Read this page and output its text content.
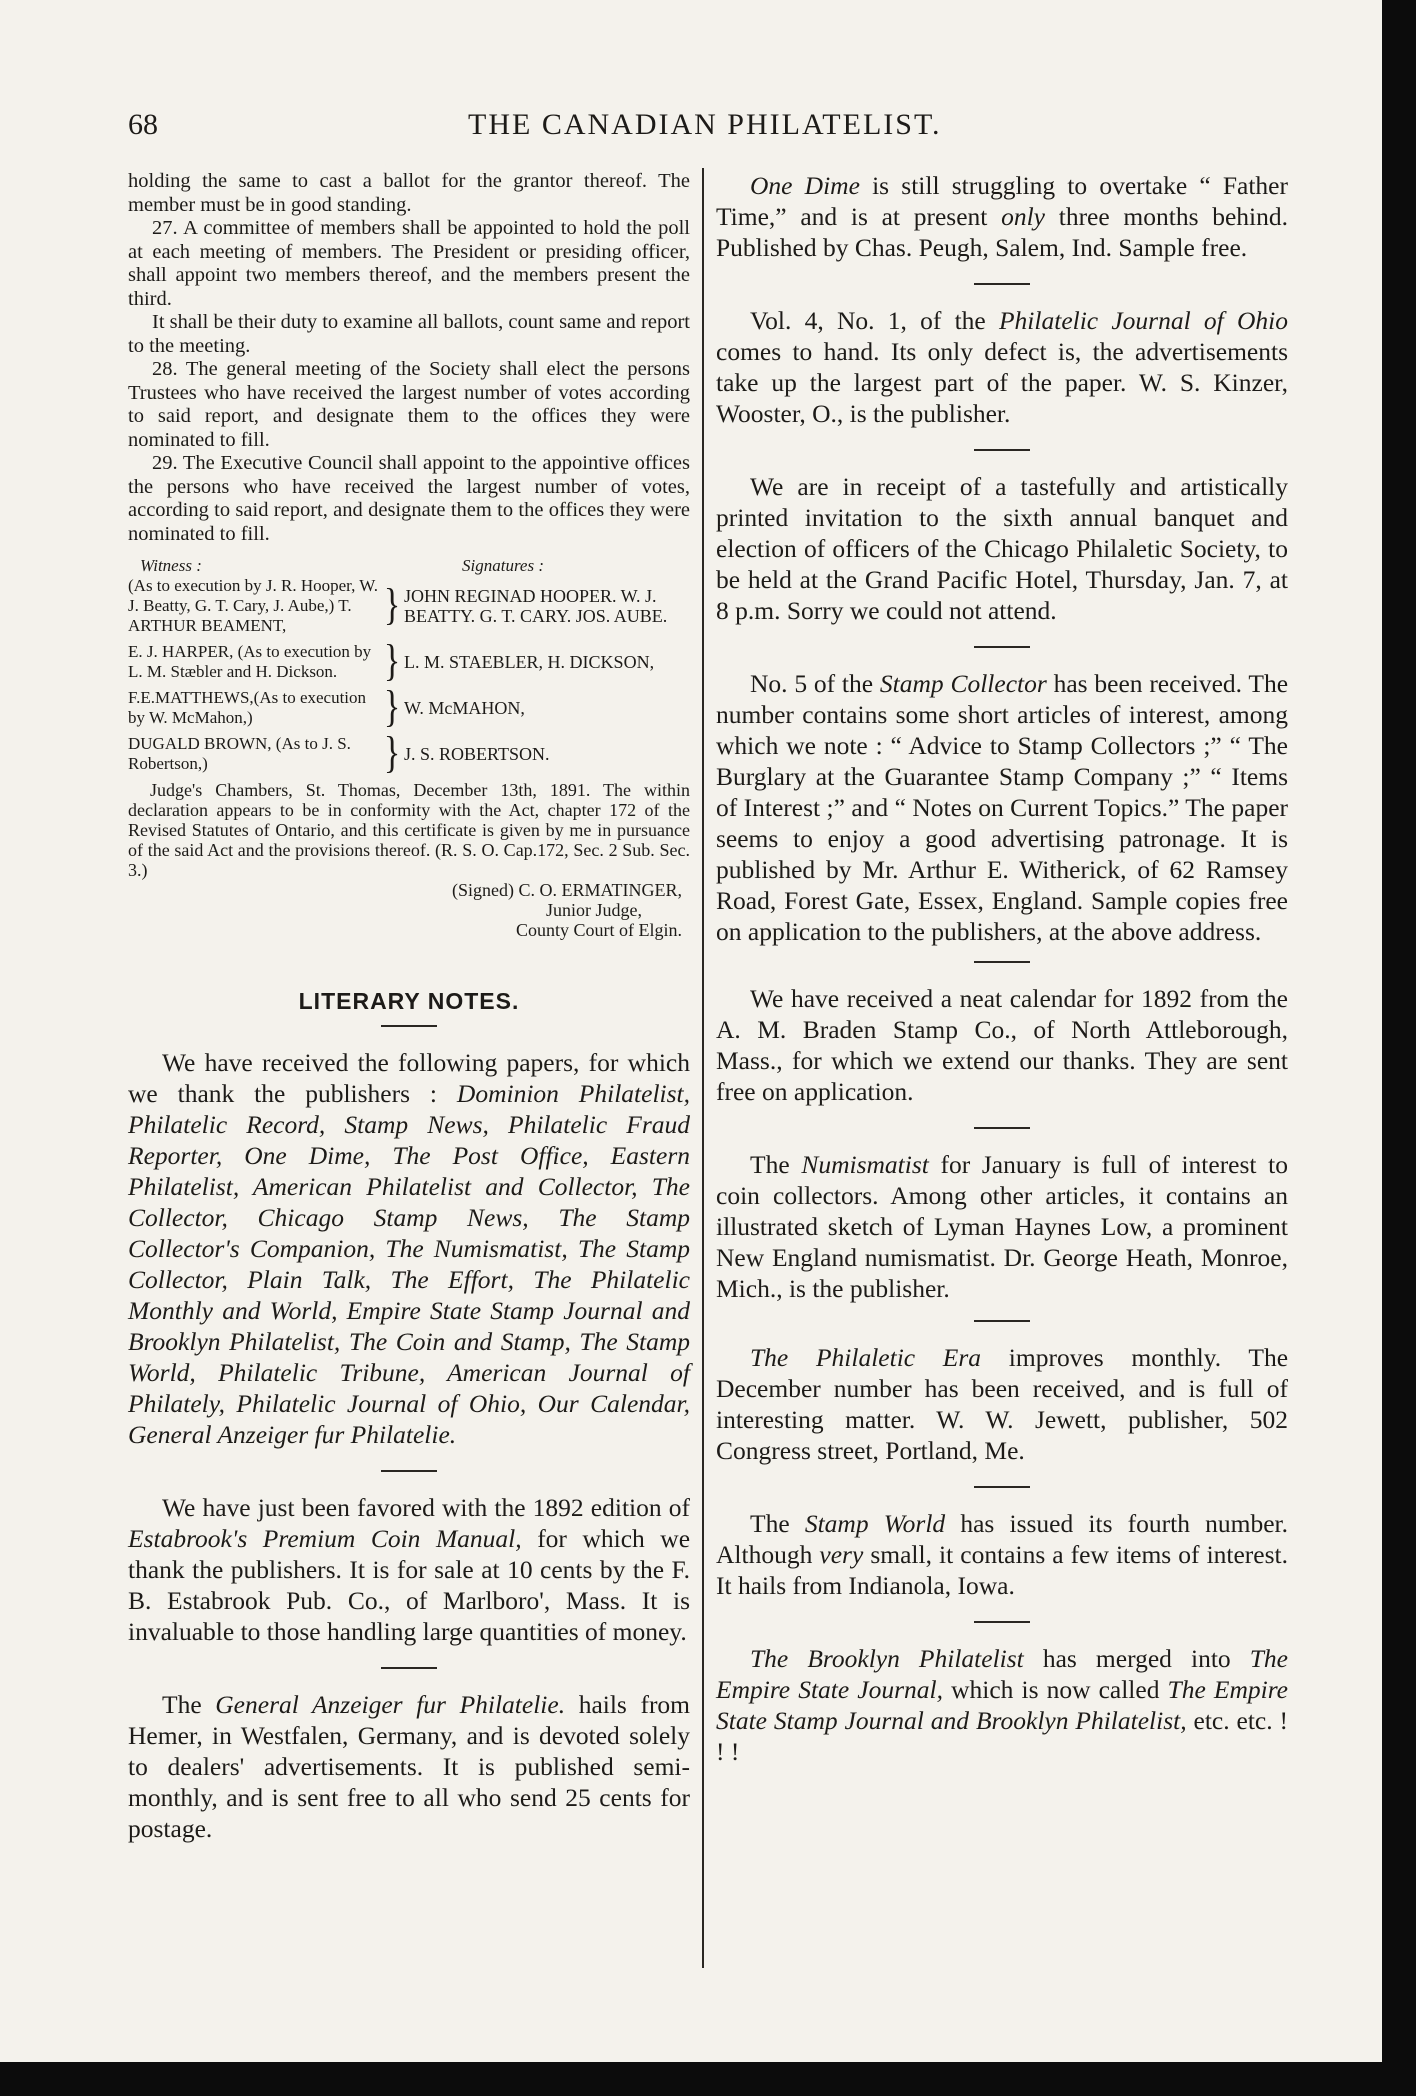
68	THE CANADIAN PHILATELIST.

holding the same to cast a ballot for the grantor thereof. The member must be in good standing.

27. A committee of members shall be appointed to hold the poll at each meeting of members. The President or presiding officer, shall appoint two members thereof, and the members present the third.

It shall be their duty to examine all ballots, count same and report to the meeting.

28. The general meeting of the Society shall elect the persons Trustees who have received the largest number of votes according to said report, and designate them to the offices they were nominated to fill.

29. The Executive Council shall appoint to the appointive offices the persons who have received the largest number of votes, according to said report, and designate them to the offices they were nominated to fill.

Witness :	Signatures :
(As to execution by J. R. Hooper, W. J. Beatty, G. T. Cary, J. Aube,) T. ARTHUR BEAMENT,	} JOHN REGINAD HOOPER. W. J. BEATTY. G. T. CARY. JOS. AUBE.
E. J. HARPER, (As to execution by L. M. Stæbler and H. Dickson.	} L. M. STAEBLER, H. DICKSON,
F.E.MATTHEWS,(As to execution by W. McMahon,)	} W. McMAHON,
DUGALD BROWN, (As to J. S. Robertson,)	} J. S. ROBERTSON.

Judge's Chambers, St. Thomas, December 13th, 1891. The within declaration appears to be in conformity with the Act, chapter 172 of the Revised Statutes of Ontario, and this certificate is given by me in pursuance of the said Act and the provisions thereof. (R. S. O. Cap.172, Sec. 2 Sub. Sec. 3.)

(Signed) C. O. ERMATINGER,
Junior Judge,
County Court of Elgin.
LITERARY NOTES.

We have received the following papers, for which we thank the publishers : Dominion Philatelist, Philatelic Record, Stamp News, Philatelic Fraud Reporter, One Dime, The Post Office, Eastern Philatelist, American Philatelist and Collector, The Collector, Chicago Stamp News, The Stamp Collector's Companion, The Numismatist, The Stamp Collector, Plain Talk, The Effort, The Philatelic Monthly and World, Empire State Stamp Journal and Brooklyn Philatelist, The Coin and Stamp, The Stamp World, Philatelic Tribune, American Journal of Philately, Philatelic Journal of Ohio, Our Calendar, General Anzeiger fur Philatelie.

We have just been favored with the 1892 edition of Estabrook's Premium Coin Manual, for which we thank the publishers. It is for sale at 10 cents by the F. B. Estabrook Pub. Co., of Marlboro', Mass. It is invaluable to those handling large quantities of money.

The General Anzeiger fur Philatelie. hails from Hemer, in Westfalen, Germany, and is devoted solely to dealers' advertisements. It is published semi-monthly, and is sent free to all who send 25 cents for postage.

One Dime is still struggling to overtake “ Father Time,” and is at present only three months behind. Published by Chas. Peugh, Salem, Ind. Sample free.

Vol. 4, No. 1, of the Philatelic Journal of Ohio comes to hand. Its only defect is, the advertisements take up the largest part of the paper. W. S. Kinzer, Wooster, O., is the publisher.

We are in receipt of a tastefully and artistically printed invitation to the sixth annual banquet and election of officers of the Chicago Philaletic Society, to be held at the Grand Pacific Hotel, Thursday, Jan. 7, at 8 p.m. Sorry we could not attend.

No. 5 of the Stamp Collector has been received. The number contains some short articles of interest, among which we note : “ Advice to Stamp Collectors ;” “ The Burglary at the Guarantee Stamp Company ;” “ Items of Interest ;” and “ Notes on Current Topics.” The paper seems to enjoy a good advertising patronage. It is published by Mr. Arthur E. Witherick, of 62 Ramsey Road, Forest Gate, Essex, England. Sample copies free on application to the publishers, at the above address.

We have received a neat calendar for 1892 from the A. M. Braden Stamp Co., of North Attleborough, Mass., for which we extend our thanks. They are sent free on application.

The Numismatist for January is full of interest to coin collectors. Among other articles, it contains an illustrated sketch of Lyman Haynes Low, a prominent New England numismatist. Dr. George Heath, Monroe, Mich., is the publisher.

The Philaletic Era improves monthly. The December number has been received, and is full of interesting matter. W. W. Jewett, publisher, 502 Congress street, Portland, Me.

The Stamp World has issued its fourth number. Although very small, it contains a few items of interest. It hails from Indianola, Iowa.

The Brooklyn Philatelist has merged into The Empire State Journal, which is now called The Empire State Stamp Journal and Brooklyn Philatelist, etc. etc. ! ! !
